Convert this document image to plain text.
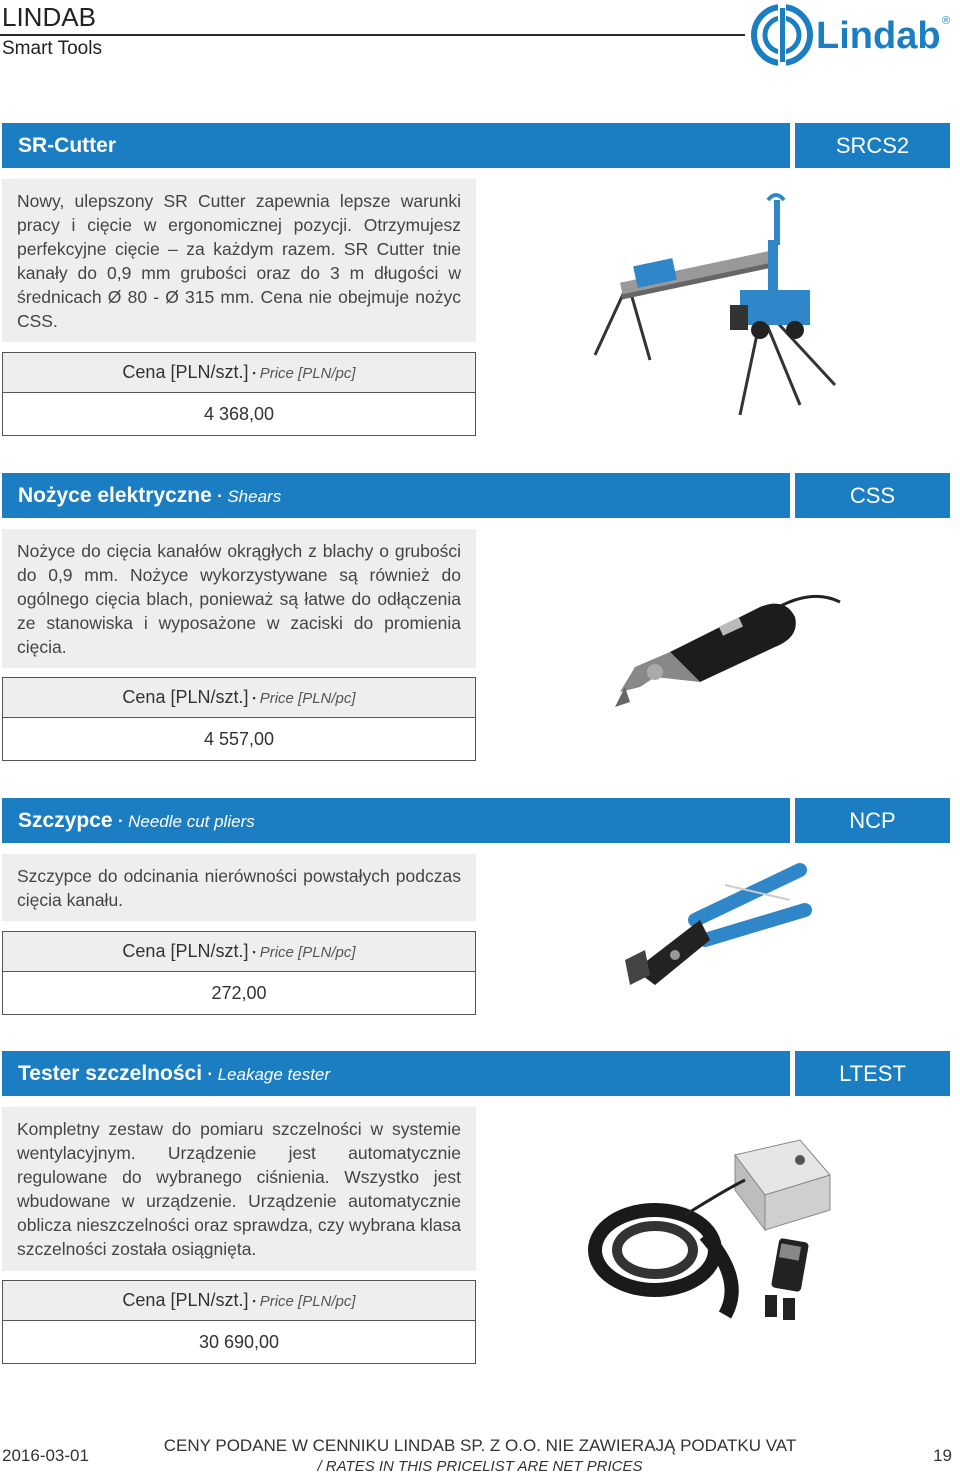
LINDAB
Smart Tools	Lindab ®
SR-Cutter	SRCS2

Nowy, ulepszony SR Cutter zapewnia lepsze warunki pracy i cięcie w ergonomicznej pozycji. Otrzymujesz perfekcyjne cięcie – za każdym razem. SR Cutter tnie kanały do 0,9 mm grubości oraz do 3 m długości w średnicach Ø 80 - Ø 315 mm. Cena nie obejmuje nożyc CSS.

Cena [PLN/szt.] ▪ Price [PLN/pc]
4 368,00
Nożyce elektryczne ▪ Shears	CSS

Nożyce do cięcia kanałów okrągłych z blachy o grubości do 0,9 mm. Nożyce wykorzystywane są również do ogólnego cięcia blach, ponieważ są łatwe do odłączenia ze stanowiska i wyposażone w zaciski do promienia cięcia.

Cena [PLN/szt.] ▪ Price [PLN/pc]
4 557,00
Szczypce ▪ Needle cut pliers	NCP

Szczypce do odcinania nierówności powstałych podczas cięcia kanału.

Cena [PLN/szt.] ▪ Price [PLN/pc]
272,00
Tester szczelności ▪ Leakage tester	LTEST

Kompletny zestaw do pomiaru szczelności w systemie wentylacyjnym. Urządzenie jest automatycznie regulowane do wybranego ciśnienia. Wszystko jest wbudowane w urządzenie. Urządzenie automatycznie oblicza nieszczelności oraz sprawdza, czy wybrana klasa szczelności została osiągnięta.

Cena [PLN/szt.] ▪ Price [PLN/pc]
30 690,00
2016-03-01
CENY PODANE W CENNIKU LINDAB SP. Z O.O. NIE ZAWIERAJĄ PODATKU VAT
/ RATES IN THIS PRICELIST ARE NET PRICES
19
